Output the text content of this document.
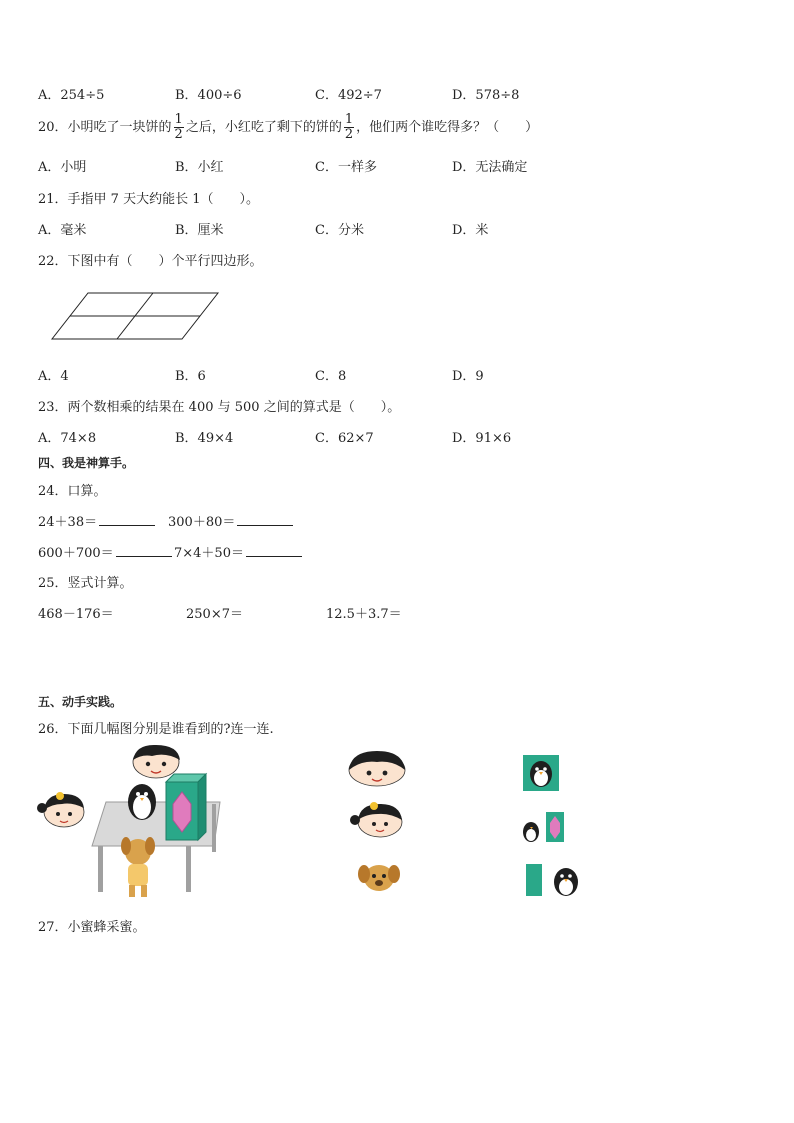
A．254÷5	B．400÷6	C．492÷7	D．578÷8
20．小明吃了一块饼的 $\frac{1}{2}$ 之后，小红吃了剩下的饼的 $\frac{1}{2}$ ，他们两个谁吃得多？（　　）
A．小明	B．小红	C．一样多	D．无法确定
21．手指甲 7 天大约能长 1（　　）。
A．毫米	B．厘米	C．分米	D．米
22．下图中有（　　）个平行四边形。
A．4	B．6	C．8	D．9
23．两个数相乘的结果在 400 与 500 之间的算式是（　　）。
A．74×8	B．49×4	C．62×7	D．91×6
四、我是神算手。
24．口算。
24＋38＝	300＋80＝
600＋700＝	7×4＋50＝
25．竖式计算。
468－176＝	250×7＝	12.5＋3.7＝
五、动手实践。
26．下面几幅图分别是谁看到的?连一连.
27．小蜜蜂采蜜。
